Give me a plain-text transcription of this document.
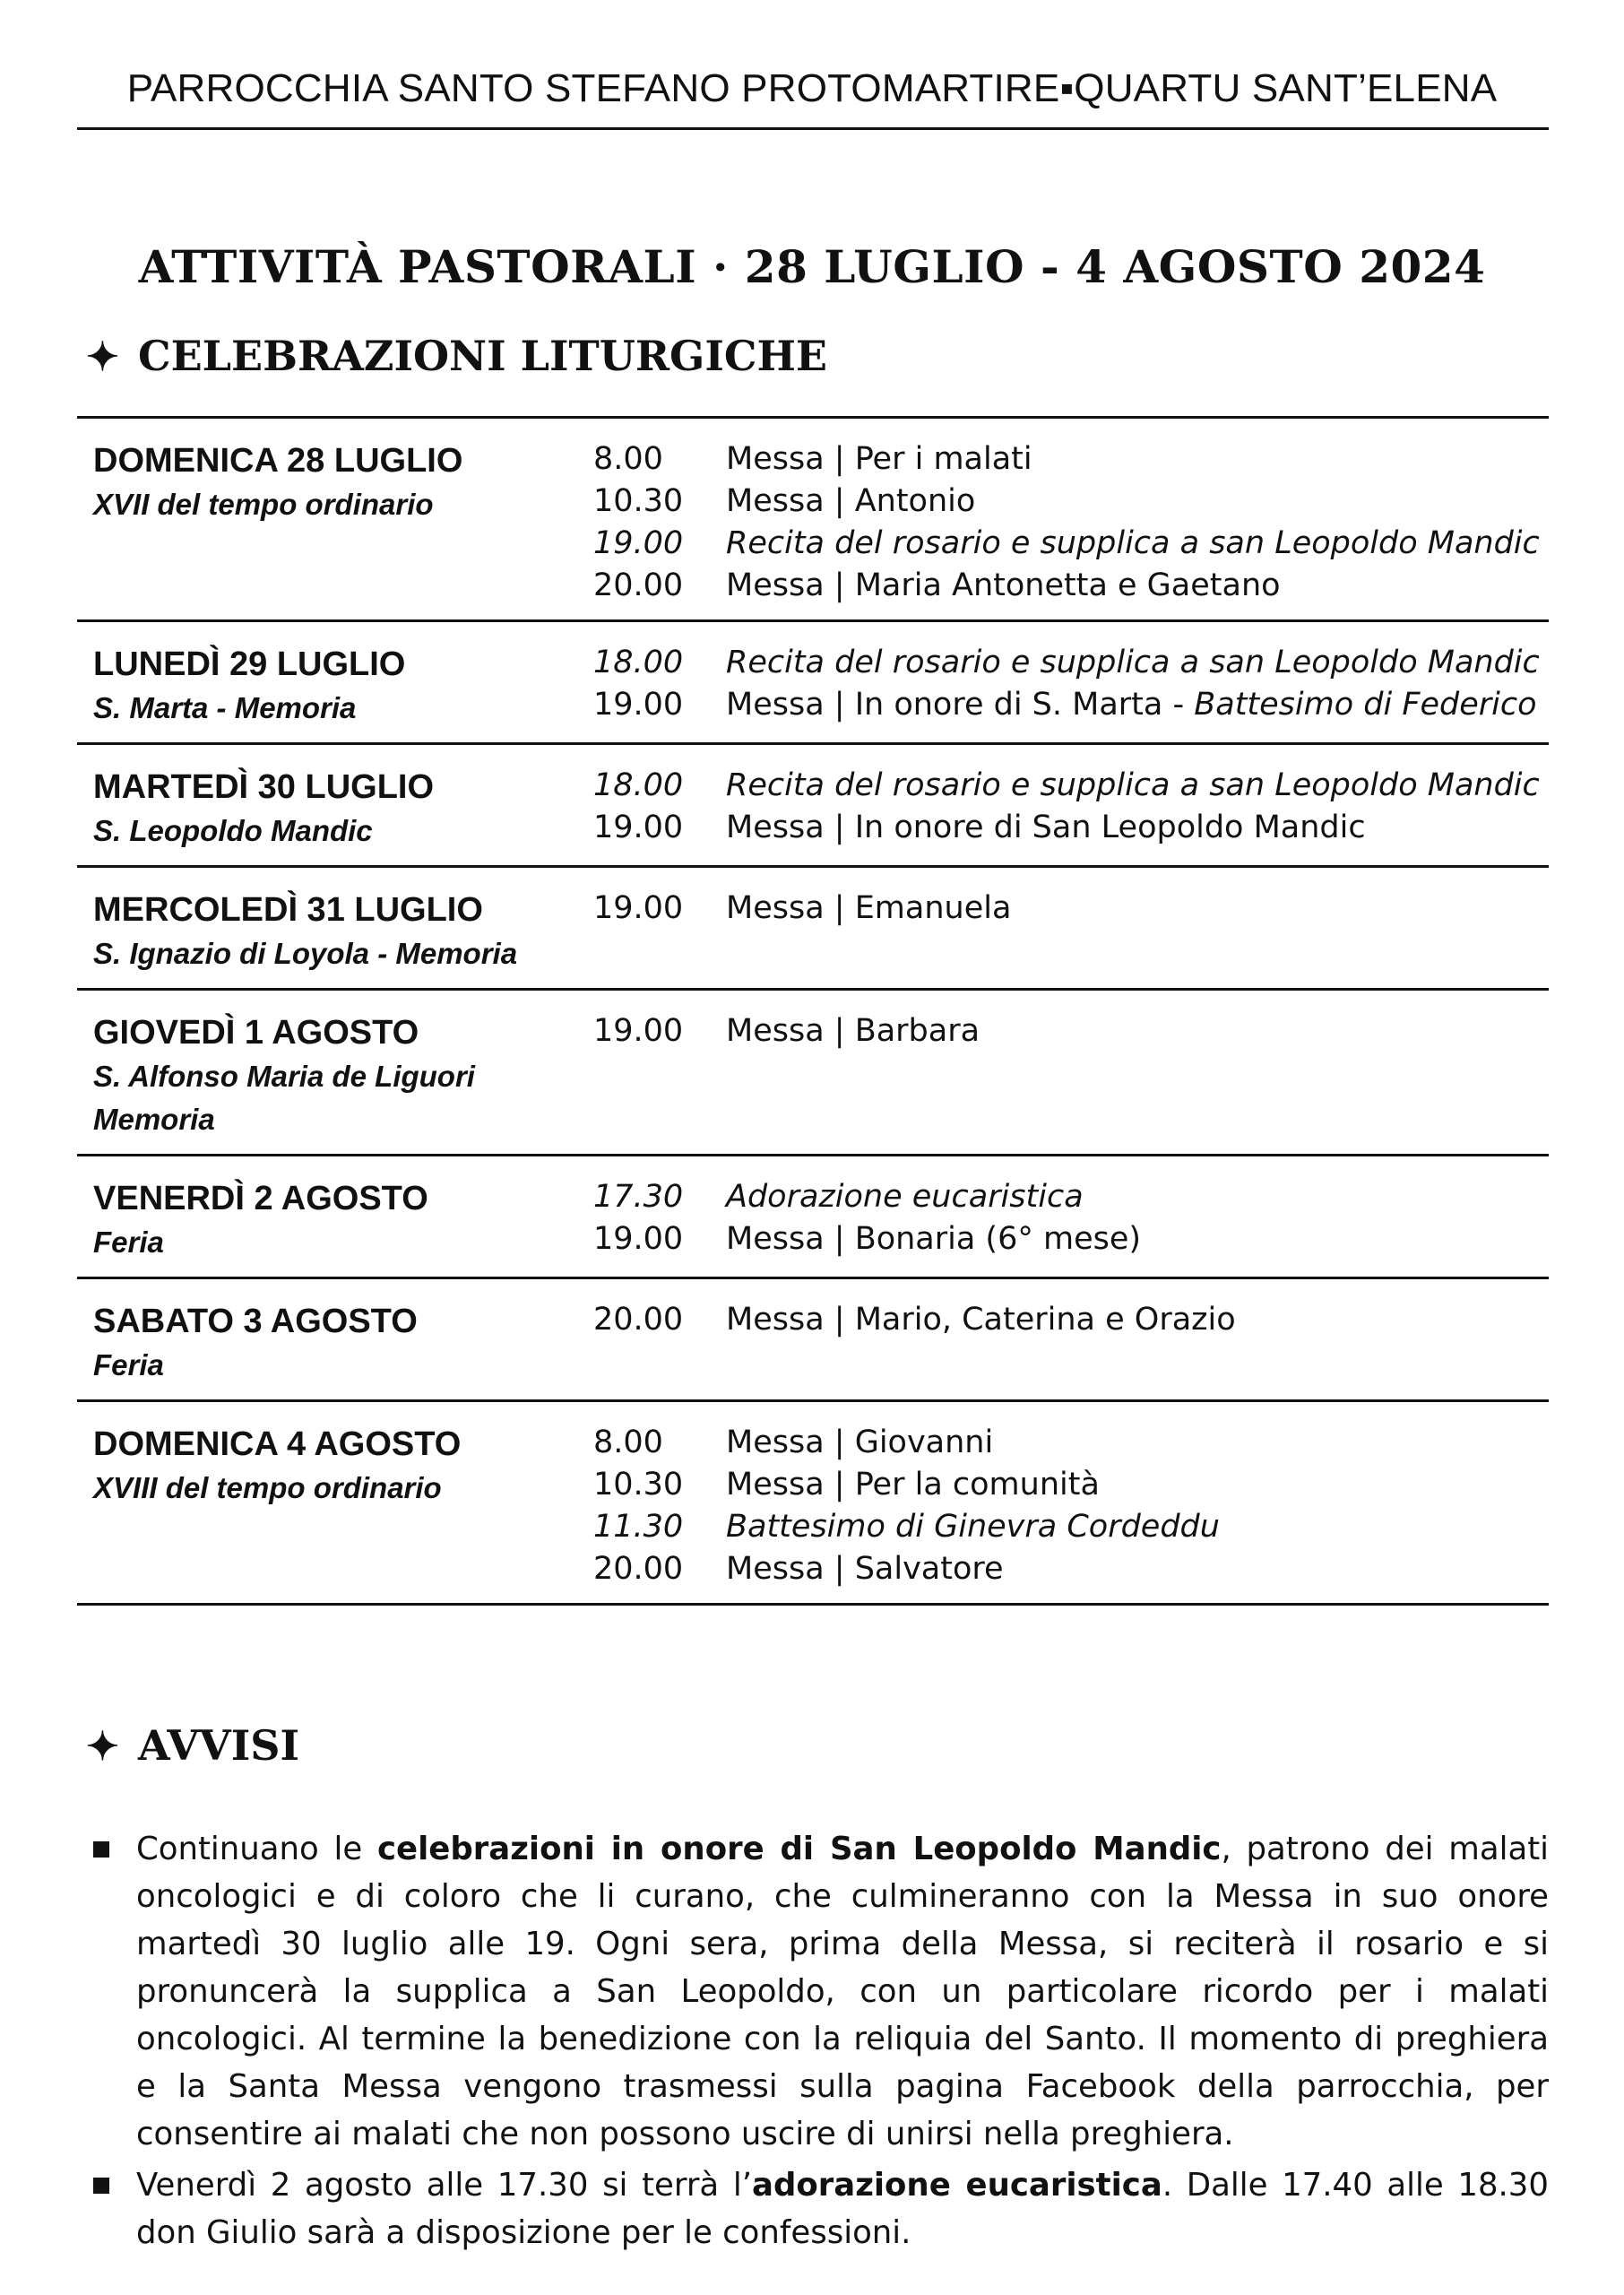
PARROCCHIA SANTO STEFANO PROTOMARTIRE▪QUARTU SANT’ELENA
ATTIVITÀ PASTORALI · 28 LUGLIO - 4 AGOSTO 2024
✦ CELEBRAZIONI LITURGICHE
DOMENICA 28 LUGLIO
XVII del tempo ordinario
8.00	Messa | Per i malati
10.30	Messa | Antonio
19.00	Recita del rosario e supplica a san Leopoldo Mandic
20.00	Messa | Maria Antonetta e Gaetano
LUNEDÌ 29 LUGLIO
S. Marta - Memoria
18.00	Recita del rosario e supplica a san Leopoldo Mandic
19.00	Messa | In onore di S. Marta - Battesimo di Federico
MARTEDÌ 30 LUGLIO
S. Leopoldo Mandic
18.00	Recita del rosario e supplica a san Leopoldo Mandic
19.00	Messa | In onore di San Leopoldo Mandic
MERCOLEDÌ 31 LUGLIO
S. Ignazio di Loyola - Memoria
19.00	Messa | Emanuela
GIOVEDÌ 1 AGOSTO
S. Alfonso Maria de Liguori
Memoria
19.00	Messa | Barbara
VENERDÌ 2 AGOSTO
Feria
17.30	Adorazione eucaristica
19.00	Messa | Bonaria (6° mese)
SABATO 3 AGOSTO
Feria
20.00	Messa | Mario, Caterina e Orazio
DOMENICA 4 AGOSTO
XVIII del tempo ordinario
8.00	Messa | Giovanni
10.30	Messa | Per la comunità
11.30	Battesimo di Ginevra Cordeddu
20.00	Messa | Salvatore
✦ AVVISI
Continuano le celebrazioni in onore di San Leopoldo Mandic, patrono dei malati oncologici e di coloro che li curano, che culmineranno con la Messa in suo onore martedì 30 luglio alle 19. Ogni sera, prima della Messa, si reciterà il rosario e si pronuncerà la supplica a San Leopoldo, con un particolare ricordo per i malati oncologici. Al termine la benedizione con la reliquia del Santo. Il momento di preghiera e la Santa Messa vengono trasmessi sulla pagina Facebook della parrocchia, per consentire ai malati che non possono uscire di unirsi nella preghiera.
Venerdì 2 agosto alle 17.30 si terrà l’adorazione eucaristica. Dalle 17.40 alle 18.30 don Giulio sarà a disposizione per le confessioni.
